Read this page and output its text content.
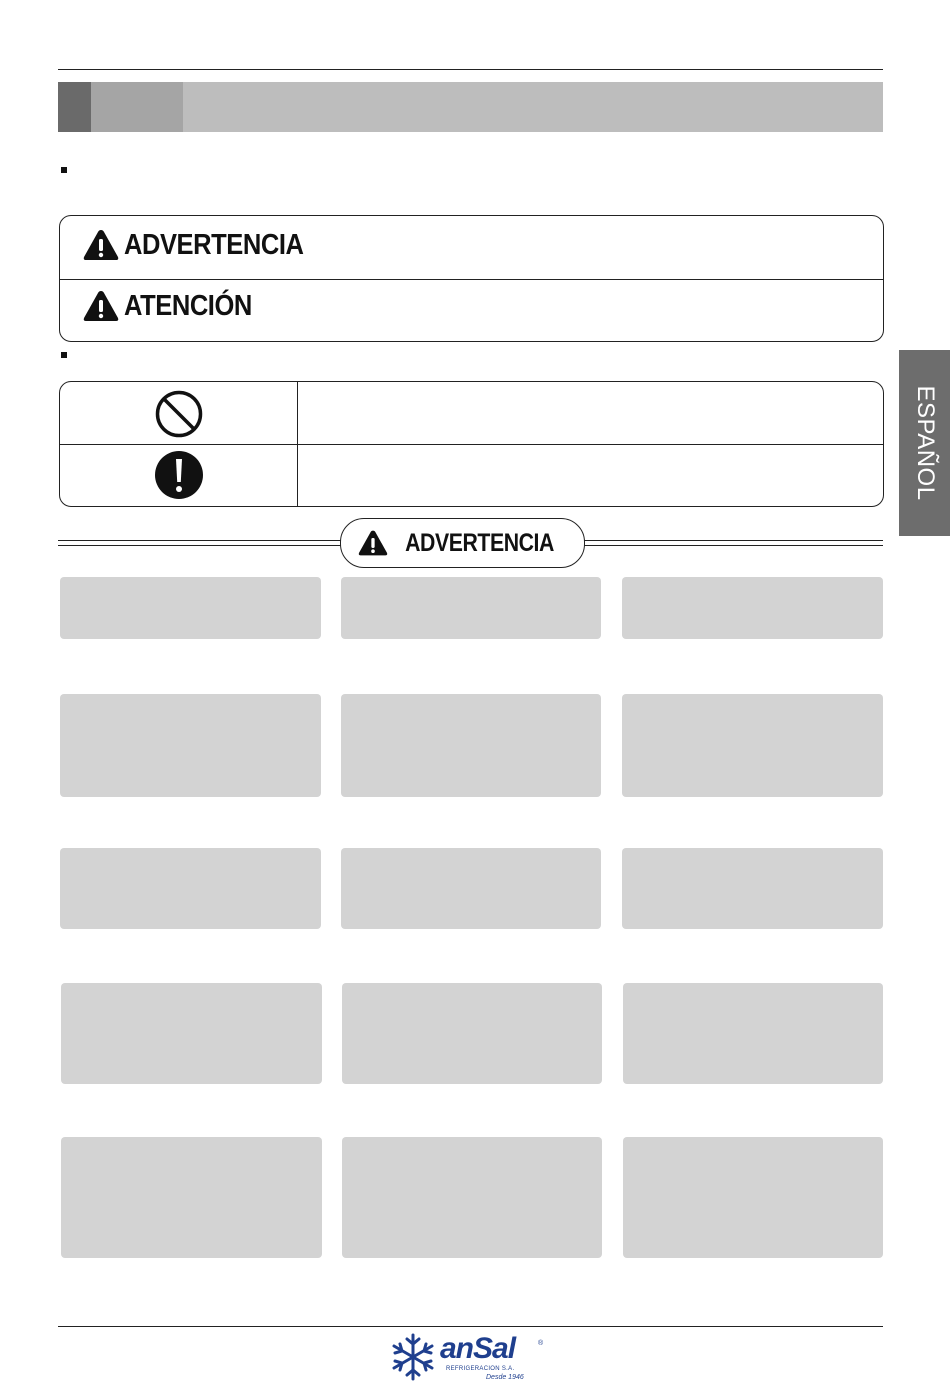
ADVERTENCIA
ATENCIÓN
ESPAÑOL
ADVERTENCIA
anSal	®
REFRIGERACION S.A.
Desde 1946
